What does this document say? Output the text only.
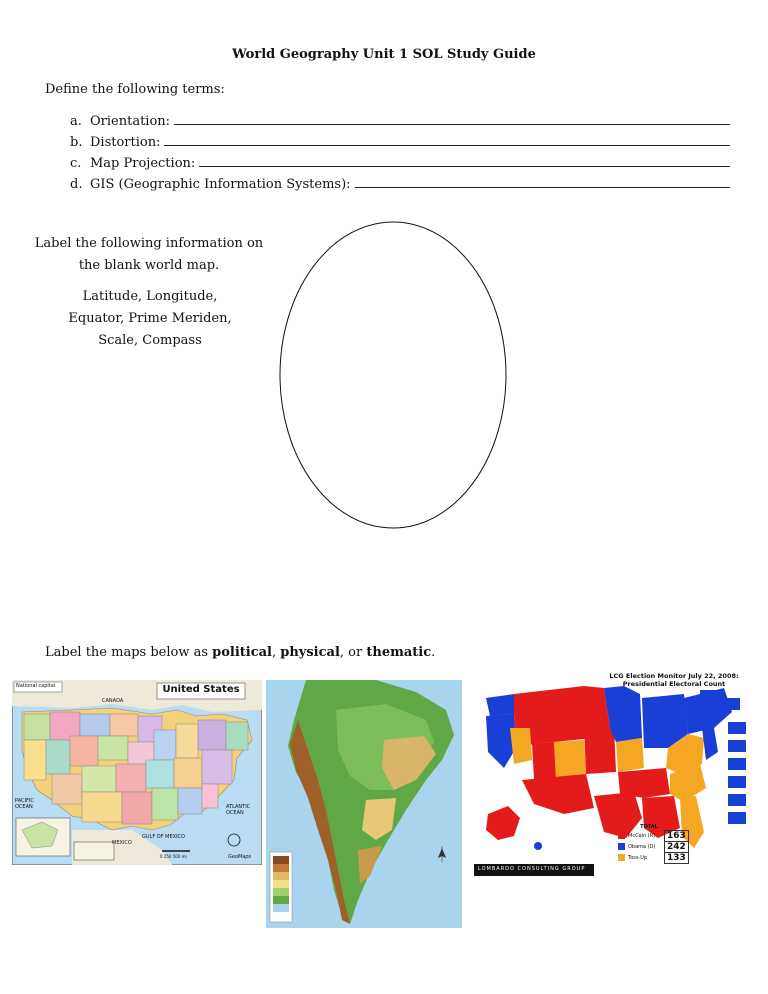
World Geography Unit 1 SOL Study Guide
Define the following terms:
a. Orientation:
b. Distortion:
c. Map Projection:
d. GIS (Geographic Information Systems):
Label the following information on the blank world map.
Latitude, Longitude,
Equator, Prime Meriden,
Scale, Compass
Label the maps below as political, physical, or thematic.
National capital	United States
CANADA
MEXICO
PACIFIC OCEAN	ATLANTIC OCEAN
GULF OF MEXICO
0 250 500 mi	GeoMaps
LCG Election Monitor July 22, 2008:
Presidential Electoral Count
TOTAL
McCain (R)	163
Obama (D)	242
Toss-Up	133
LOMBARDO CONSULTING GROUP
